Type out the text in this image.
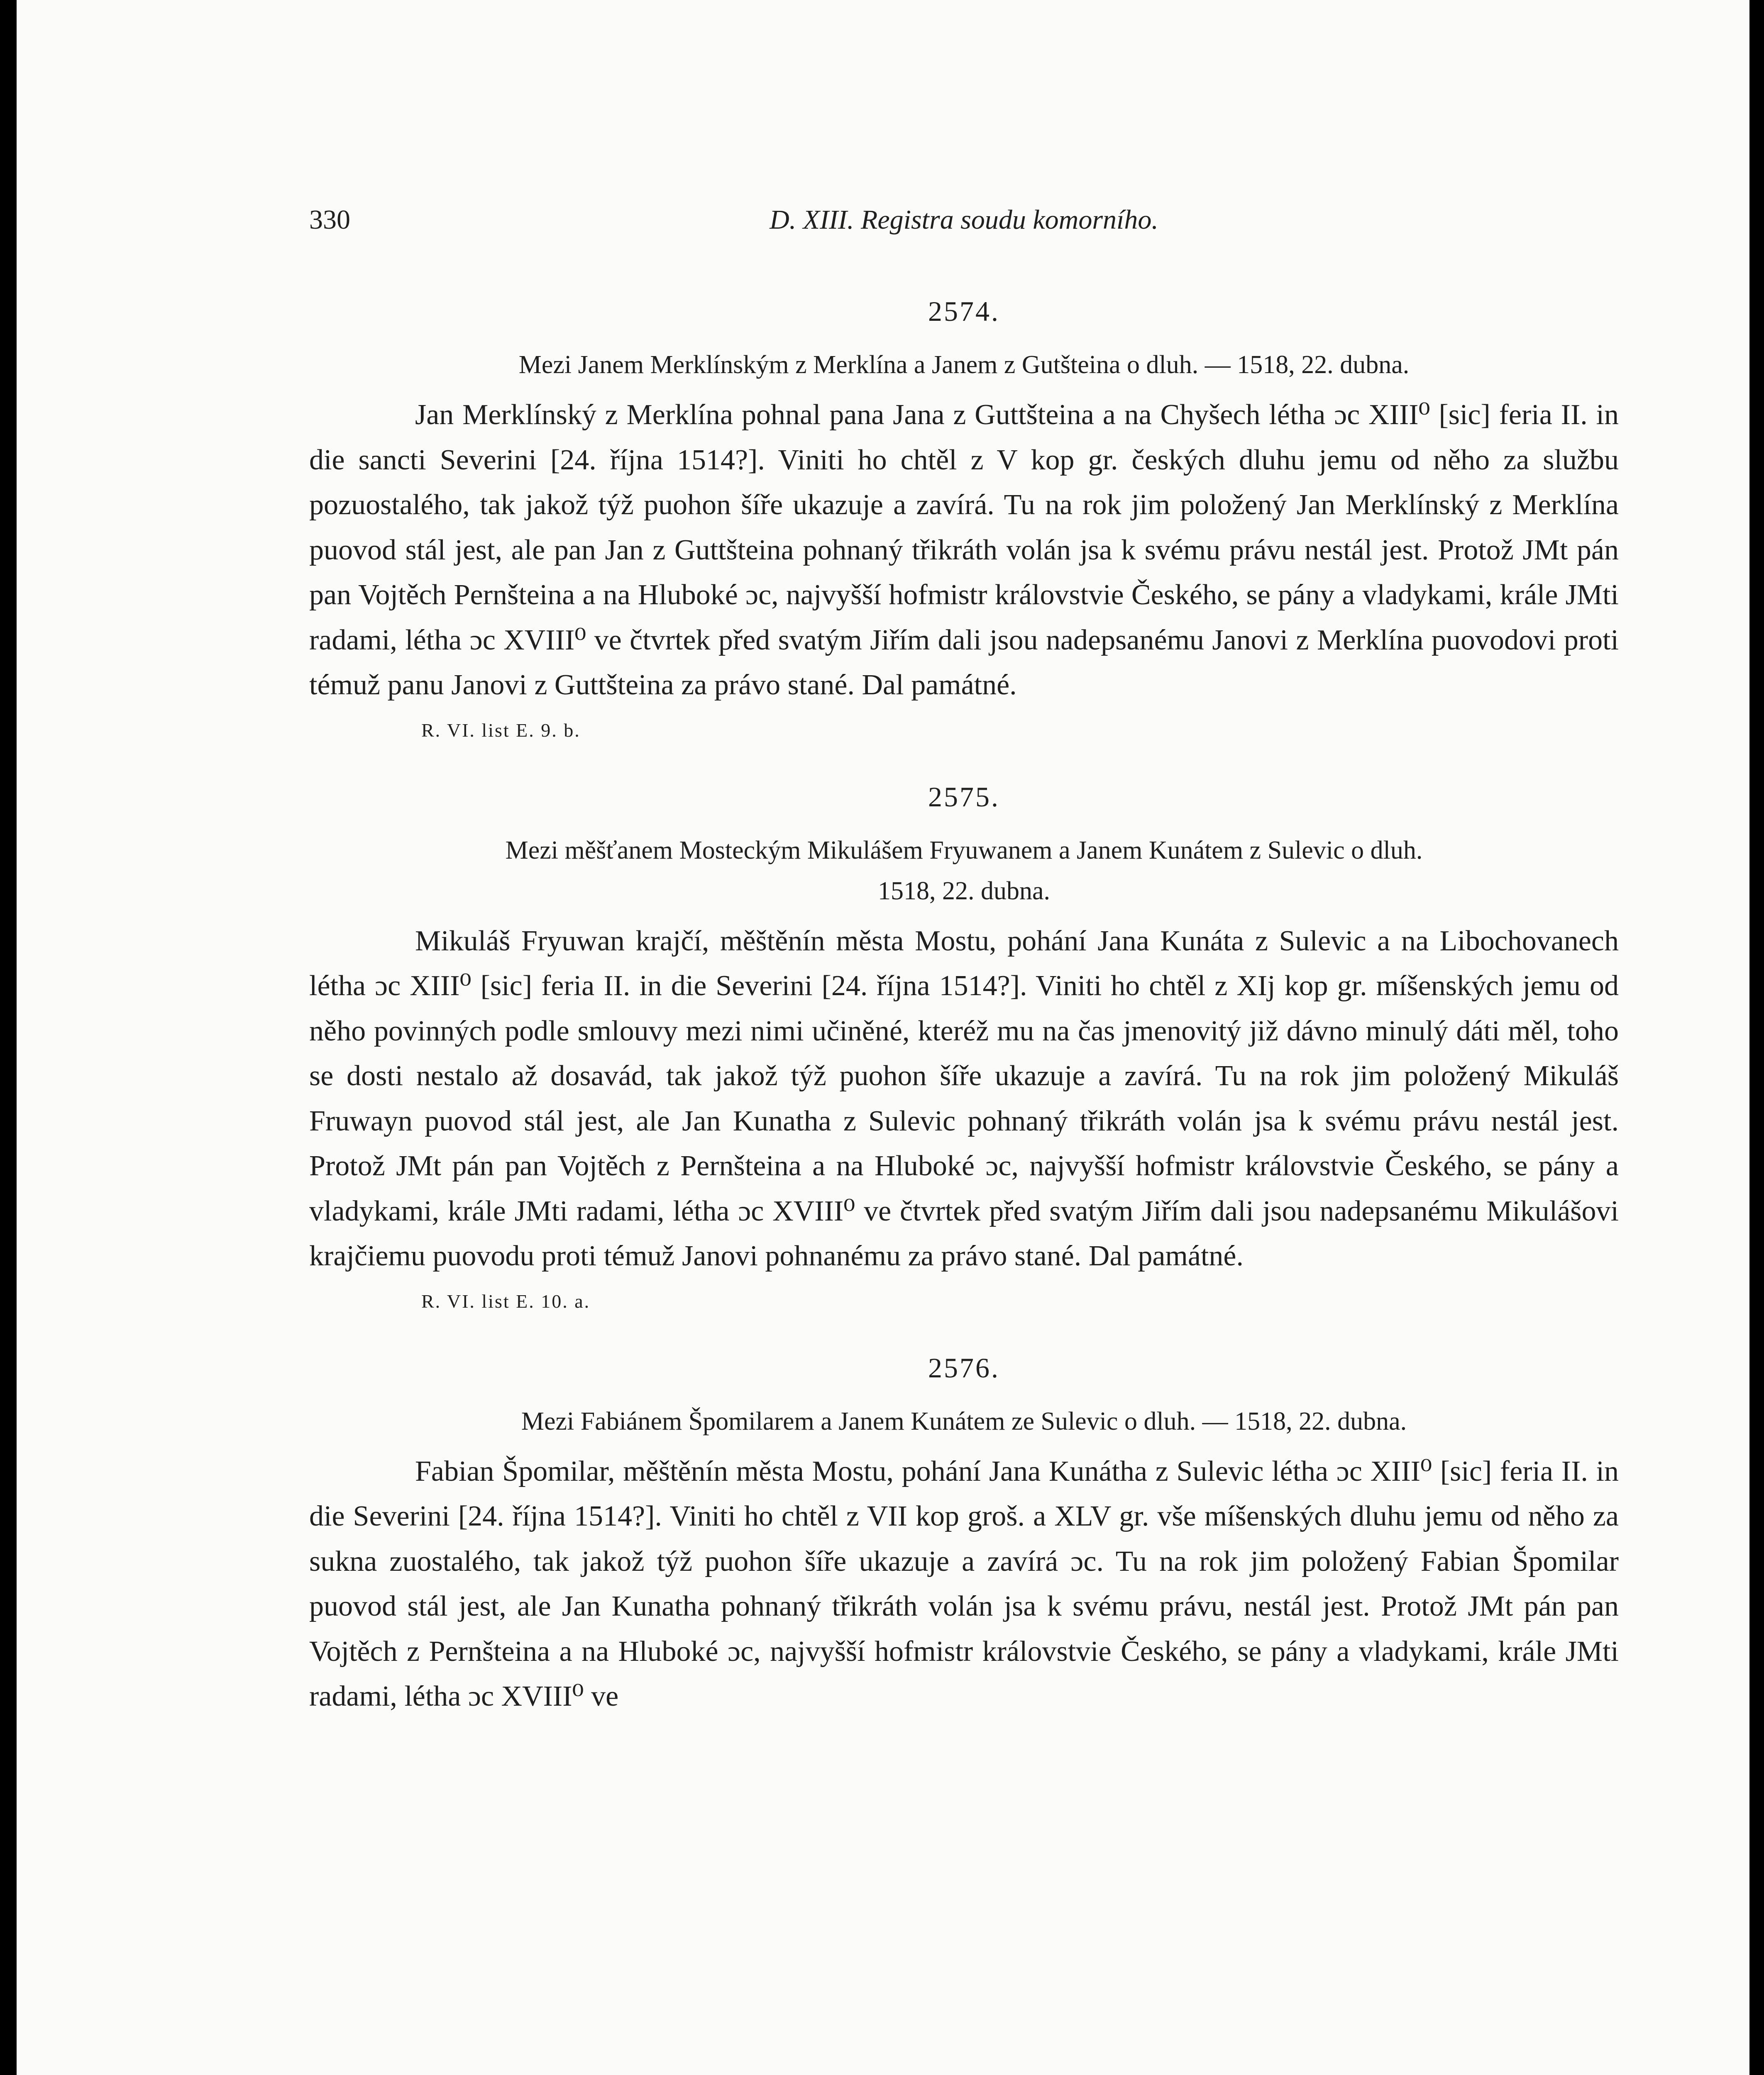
330	D. XIII. Registra soudu komorního.
2574.
Mezi Janem Merklínským z Merklína a Janem z Gutšteina o dluh. — 1518, 22. dubna.
Jan Merklínský z Merklína pohnal pana Jana z Guttšteina a na Chyšech létha ɔc XIII⁰ [sic] feria II. in die sancti Severini [24. října 1514?]. Viniti ho chtěl z V kop gr. českých dluhu jemu od něho za službu pozuostalého, tak jakož týž puohon šíře ukazuje a zavírá. Tu na rok jim položený Jan Merklínský z Merklína puovod stál jest, ale pan Jan z Guttšteina pohnaný třikráth volán jsa k svému právu nestál jest. Protož JMt pán pan Vojtěch Pernšteina a na Hluboké ɔc, najvyšší hofmistr královstvie Českého, se pány a vladykami, krále JMti radami, létha ɔc XVIII⁰ ve čtvrtek před svatým Jiřím dali jsou nadepsanému Janovi z Merklína puovodovi proti témuž panu Janovi z Guttšteina za právo stané. Dal památné.
R. VI. list E. 9. b.
2575.
Mezi měšťanem Mosteckým Mikulášem Fryuwanem a Janem Kunátem z Sulevic o dluh.
1518, 22. dubna.
Mikuláš Fryuwan krajčí, měštěnín města Mostu, pohání Jana Kunáta z Sulevic a na Libochovanech létha ɔc XIII⁰ [sic] feria II. in die Severini [24. října 1514?]. Viniti ho chtěl z XIj kop gr. míšenských jemu od něho povinných podle smlouvy mezi nimi učiněné, kteréž mu na čas jmenovitý již dávno minulý dáti měl, toho se dosti nestalo až dosavád, tak jakož týž puohon šíře ukazuje a zavírá. Tu na rok jim položený Mikuláš Fruwayn puovod stál jest, ale Jan Kunatha z Sulevic pohnaný třikráth volán jsa k svému právu nestál jest. Protož JMt pán pan Vojtěch z Pernšteina a na Hluboké ɔc, najvyšší hofmistr královstvie Českého, se pány a vladykami, krále JMti radami, létha ɔc XVIII⁰ ve čtvrtek před svatým Jiřím dali jsou nadepsanému Mikulášovi krajčiemu puovodu proti témuž Janovi pohnanému za právo stané. Dal památné.
R. VI. list E. 10. a.
2576.
Mezi Fabiánem Špomilarem a Janem Kunátem ze Sulevic o dluh. — 1518, 22. dubna.
Fabian Špomilar, měštěnín města Mostu, pohání Jana Kunátha z Sulevic létha ɔc XIII⁰ [sic] feria II. in die Severini [24. října 1514?]. Viniti ho chtěl z VII kop groš. a XLV gr. vše míšenských dluhu jemu od něho za sukna zuostalého, tak jakož týž puohon šíře ukazuje a zavírá ɔc. Tu na rok jim položený Fabian Špomilar puovod stál jest, ale Jan Kunatha pohnaný třikráth volán jsa k svému právu, nestál jest. Protož JMt pán pan Vojtěch z Pernšteina a na Hluboké ɔc, najvyšší hofmistr královstvie Českého, se pány a vladykami, krále JMti radami, létha ɔc XVIII⁰ ve
